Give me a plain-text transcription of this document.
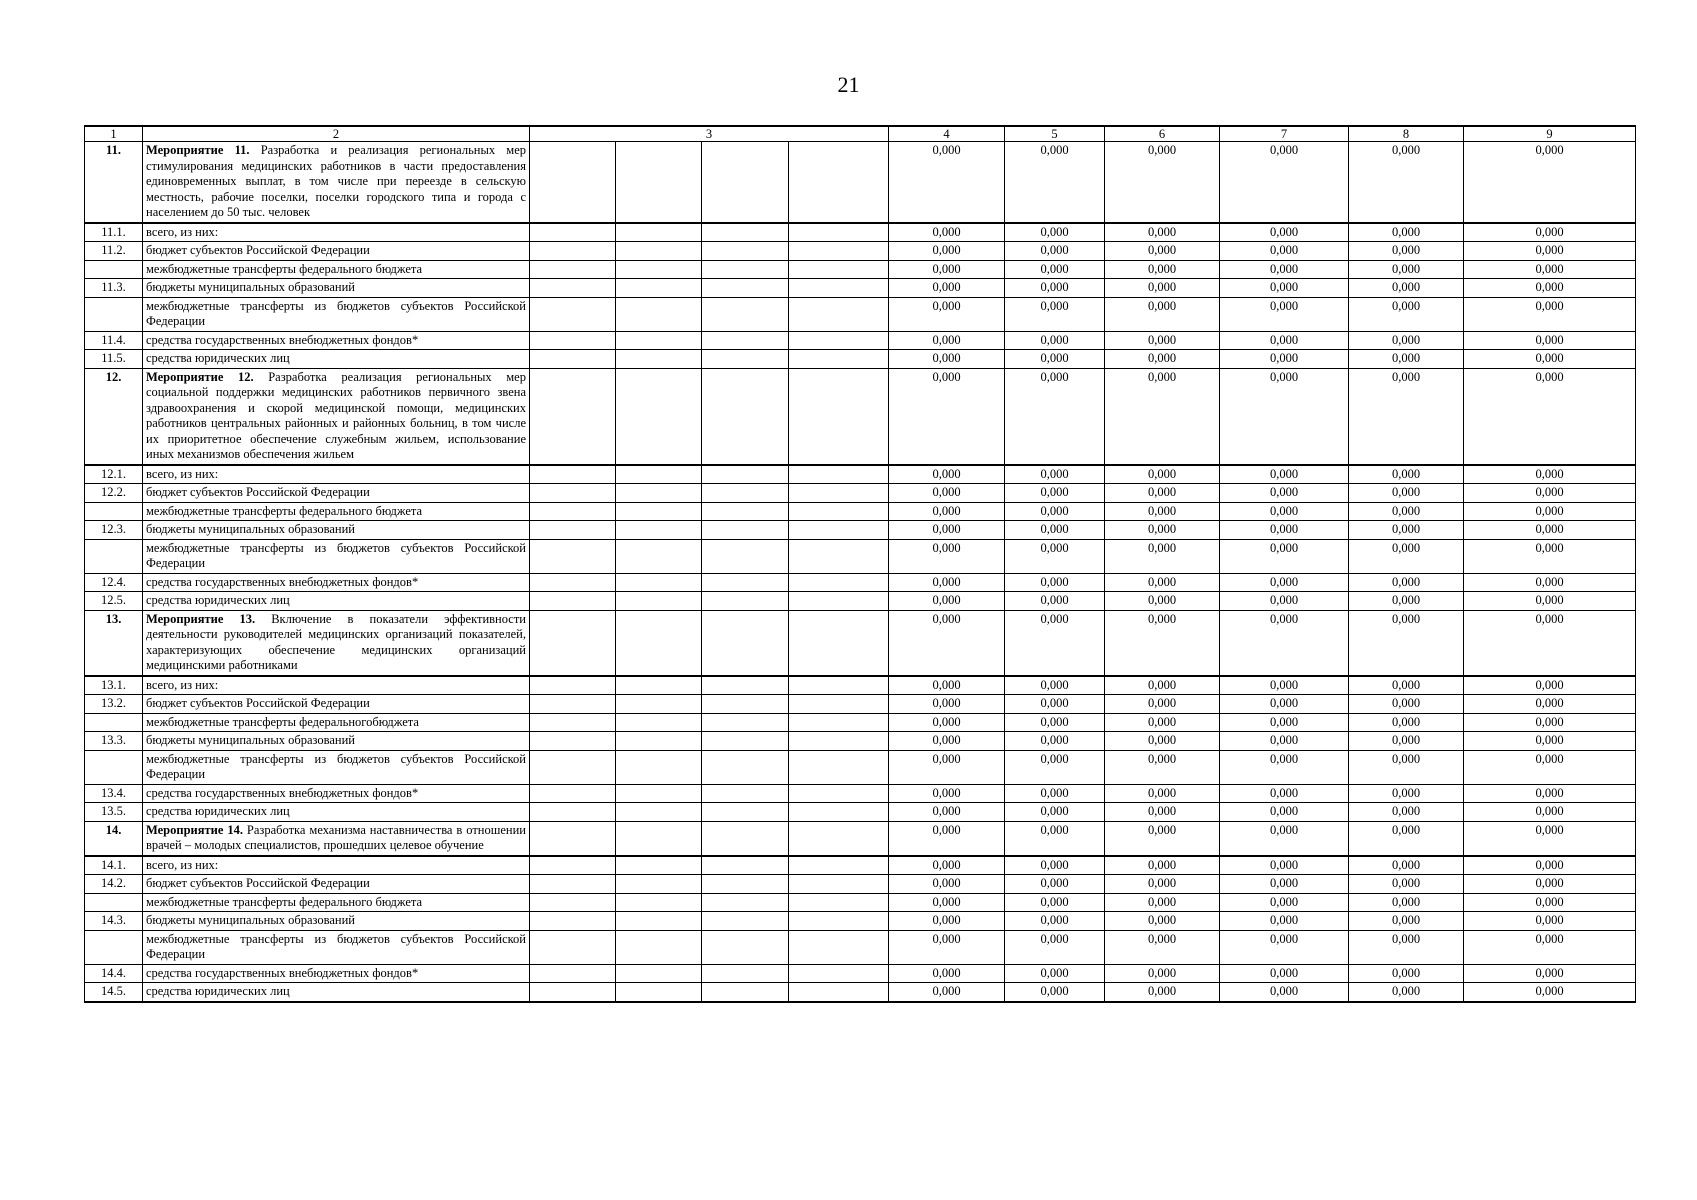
21
1	2	3				4	5	6	7	8	9
11.	Мероприятие 11. Разработка и реализация региональных мер стимулирования медицинских работников в части предоставления единовременных выплат, в том числе при переезде в сельскую местность, рабочие поселки, поселки городского типа и города с населением до 50 тыс. человек					0,000	0,000	0,000	0,000	0,000	0,000
11.1.	всего, из них:					0,000	0,000	0,000	0,000	0,000	0,000
11.2.	бюджет субъектов Российской Федерации					0,000	0,000	0,000	0,000	0,000	0,000
	межбюджетные трансферты федерального бюджета					0,000	0,000	0,000	0,000	0,000	0,000
11.3.	бюджеты муниципальных образований					0,000	0,000	0,000	0,000	0,000	0,000
	межбюджетные трансферты из бюджетов субъектов Российской Федерации					0,000	0,000	0,000	0,000	0,000	0,000
11.4.	средства государственных внебюджетных фондов*					0,000	0,000	0,000	0,000	0,000	0,000
11.5.	средства юридических лиц					0,000	0,000	0,000	0,000	0,000	0,000
12.	Мероприятие 12. Разработка реализация региональных мер социальной поддержки медицинских работников первичного звена здравоохранения и скорой медицинской помощи, медицинских работников центральных районных и районных больниц, в том числе их приоритетное обеспечение служебным жильем, использование иных механизмов обеспечения жильем					0,000	0,000	0,000	0,000	0,000	0,000
12.1.	всего, из них:					0,000	0,000	0,000	0,000	0,000	0,000
12.2.	бюджет субъектов Российской Федерации					0,000	0,000	0,000	0,000	0,000	0,000
	межбюджетные трансферты федерального бюджета					0,000	0,000	0,000	0,000	0,000	0,000
12.3.	бюджеты муниципальных образований					0,000	0,000	0,000	0,000	0,000	0,000
	межбюджетные трансферты из бюджетов субъектов Российской Федерации					0,000	0,000	0,000	0,000	0,000	0,000
12.4.	средства государственных внебюджетных фондов*					0,000	0,000	0,000	0,000	0,000	0,000
12.5.	средства юридических лиц					0,000	0,000	0,000	0,000	0,000	0,000
13.	Мероприятие 13. Включение в показатели эффективности деятельности руководителей медицинских организаций показателей, характеризующих обеспечение медицинских организаций медицинскими работниками					0,000	0,000	0,000	0,000	0,000	0,000
13.1.	всего, из них:					0,000	0,000	0,000	0,000	0,000	0,000
13.2.	бюджет субъектов Российской Федерации					0,000	0,000	0,000	0,000	0,000	0,000
	межбюджетные трансферты федеральногобюджета					0,000	0,000	0,000	0,000	0,000	0,000
13.3.	бюджеты муниципальных образований					0,000	0,000	0,000	0,000	0,000	0,000
	межбюджетные трансферты из бюджетов субъектов Российской Федерации					0,000	0,000	0,000	0,000	0,000	0,000
13.4.	средства государственных внебюджетных фондов*					0,000	0,000	0,000	0,000	0,000	0,000
13.5.	средства юридических лиц					0,000	0,000	0,000	0,000	0,000	0,000
14.	Мероприятие 14. Разработка механизма наставничества в отношении врачей – молодых специалистов, прошедших целевое обучение					0,000	0,000	0,000	0,000	0,000	0,000
14.1.	всего, из них:					0,000	0,000	0,000	0,000	0,000	0,000
14.2.	бюджет субъектов Российской Федерации					0,000	0,000	0,000	0,000	0,000	0,000
	межбюджетные трансферты федерального бюджета					0,000	0,000	0,000	0,000	0,000	0,000
14.3.	бюджеты муниципальных образований					0,000	0,000	0,000	0,000	0,000	0,000
	межбюджетные трансферты из бюджетов субъектов Российской Федерации					0,000	0,000	0,000	0,000	0,000	0,000
14.4.	средства государственных внебюджетных фондов*					0,000	0,000	0,000	0,000	0,000	0,000
14.5.	средства юридических лиц					0,000	0,000	0,000	0,000	0,000	0,000
